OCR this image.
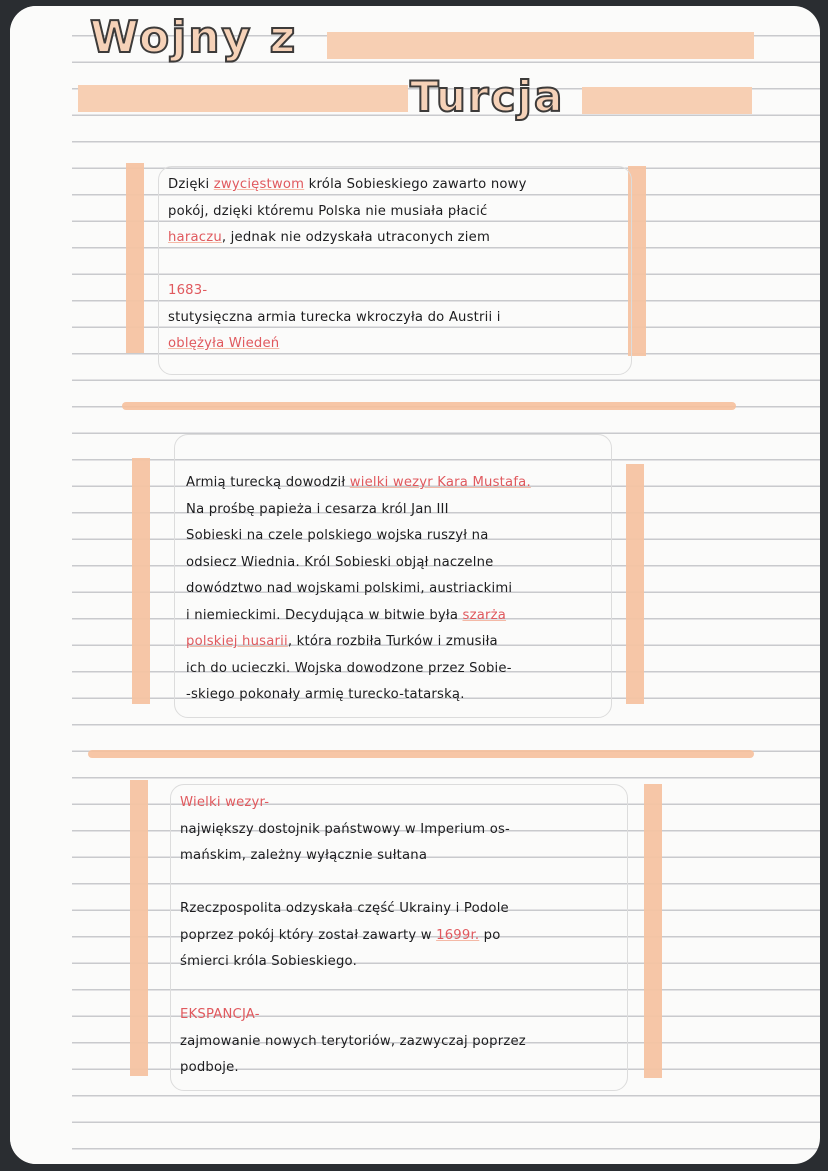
Wojny z
Turcja
Dzięki zwycięstwom króla Sobieskiego zawarto nowy
pokój, dzięki któremu Polska nie musiała płacić
haraczu, jednak nie odzyskała utraconych ziem
1683-
stutysięczna armia turecka wkroczyła do Austrii i
oblężyła Wiedeń
Armią turecką dowodził wielki wezyr Kara Mustafa.
Na prośbę papieża i cesarza król Jan III
Sobieski na czele polskiego wojska ruszył na
odsiecz Wiednia. Król Sobieski objął naczelne
dowództwo nad wojskami polskimi, austriackimi
i niemieckimi. Decydująca w bitwie była szarża
polskiej husarii, która rozbiła Turków i zmusiła
ich do ucieczki. Wojska dowodzone przez Sobie-
-skiego pokonały armię turecko-tatarską.
Wielki wezyr-
największy dostojnik państwowy w Imperium os-
mańskim, zależny wyłącznie sułtana
Rzeczpospolita odzyskała część Ukrainy i Podole
poprzez pokój który został zawarty w 1699r. po
śmierci króla Sobieskiego.
EKSPANCJA-
zajmowanie nowych terytoriów, zazwyczaj poprzez
podboje.
